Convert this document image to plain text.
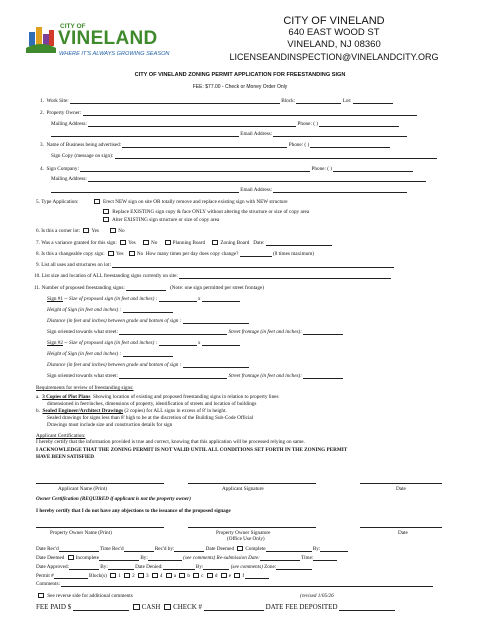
CITY OF
VINELAND
WHERE IT'S ALWAYS GROWING SEASON
CITY OF VINELAND
640 EAST WOOD ST
VINELAND, NJ 08360
LICENSEANDINSPECTION@VINELANDCITY.ORG
CITY OF VINELAND ZONING PERMIT APPLICATION FOR FREESTANDING SIGN
FEE: $77.00 - Check or Money Order Only
1. Work Site:	Block:	Lot:
2. Property Owner:
Mailing Address:	Phone: ( )
Email Address:
3. Name of Business being advertised:	Phone: ( )
Sign Copy (message on sign):
4. Sign Company:	Phone: ( )
Mailing Address:
Email Address:
5. Type Application:	Erect NEW sign on site OR totally remove and replace existing sign with NEW structure
Replace EXISTING sign copy & face ONLY without altering the structure or size of copy area
Alter EXISTING sign structure or size of copy area
6. Is this a corner lot: Yes	No
7. Was a variance granted for this sign: Yes	No	Planning Board	Zoning Board Date:
8. Is this a changeable copy sign: Yes	No How many times per day does copy change?	(8 times maximum)
9. List all uses and structures on lot:
10. List size and location of ALL freestanding signs currently on site:
11. Number of proposed freestanding signs:	(Note: one sign permitted per street frontage)
Sign #1 -- Size of proposed sign (in feet and inches) :	x
Height of Sign (in feet and inches) :
Distance (in feet and inches) between grade and bottom of sign :
Sign oriented towards what street:	Street frontage (in feet and inches):
Sign #2 -- Size of proposed sign (in feet and inches) :	x
Height of Sign (in feet and inches) :
Distance (in feet and inches) between grade and bottom of sign :
Sign oriented towards what street:	Street frontage (in feet and inches):
Requirements for review of freestanding signs:
a. 3 Copies of Plot Plans Showing location of existing and proposed freestanding signs in relation to property lines
dimensioned in feet/inches, dimensions of property, identification of streets and location of buildings
b. Sealed Engineer/Architect Drawings (2 copies) for ALL signs in excess of 8' in height.
Sealed drawings for signs less than 8' high to be at the discretion of the Building Sub-Code Official
Drawings must include size and construction details for sign
Applicant Certification:
I hereby certify that the information provided is true and correct, knowing that this application will be processed relying on same.
I ACKNOWLEDGE THAT THE ZONING PERMIT IS NOT VALID UNTIL ALL CONDITIONS SET FORTH IN THE ZONING PERMIT
HAVE BEEN SATISFIED
Applicant Name (Print)	Applicant Signature	Date
Owner Certification (REQUIRED if applicant is not the property owner)
I hereby certify that I do not have any objections to the issuance of the proposed signage
Property Owner Name (Print)	Property Owner Signature	Date
(Office Use Only)
Date Rec'd	Time Rec'd	Rec'd by:	Date Deemed Complete	By:
Date Deemed Incomplete	By:	(see comments) Re-submission Date:	Time:
Date Approved:	By:	Date Denied:	By:	(see comments) Zone:
Permit #	Block(s) 1 2 3 4 a b c d e f
Comments:
See reverse side for additional comments	(revised 1/05/26
FEE PAID $	CASH CHECK #	DATE FEE DEPOSITED
